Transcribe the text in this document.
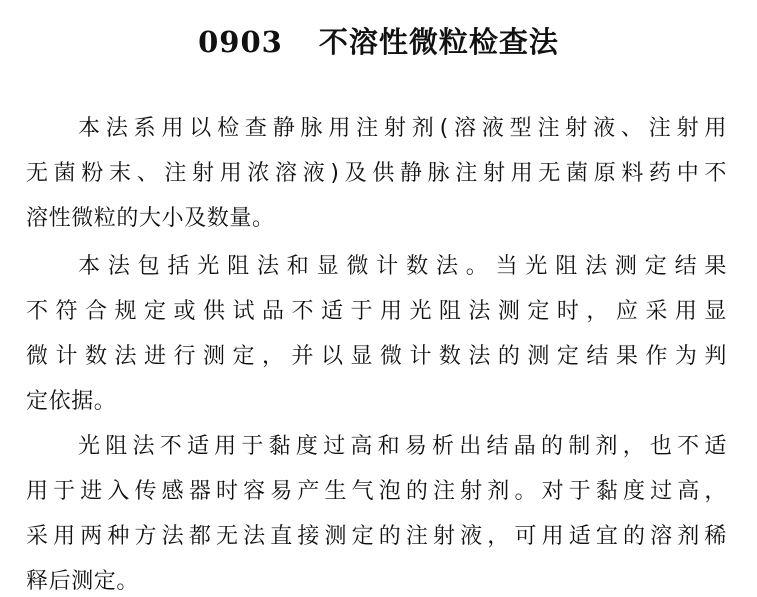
0903 不溶性微粒检查法
本法系用以检查静脉用注射剂(溶液型注射液、注射用
无菌粉末、注射用浓溶液)及供静脉注射用无菌原料药中不
溶性微粒的大小及数量。
本法包括光阻法和显微计数法。当光阻法测定结果
不符合规定或供试品不适于用光阻法测定时，应采用显
微计数法进行测定，并以显微计数法的测定结果作为判
定依据。
光阻法不适用于黏度过高和易析出结晶的制剂，也不适
用于进入传感器时容易产生气泡的注射剂。对于黏度过高，
采用两种方法都无法直接测定的注射液，可用适宜的溶剂稀
释后测定。
